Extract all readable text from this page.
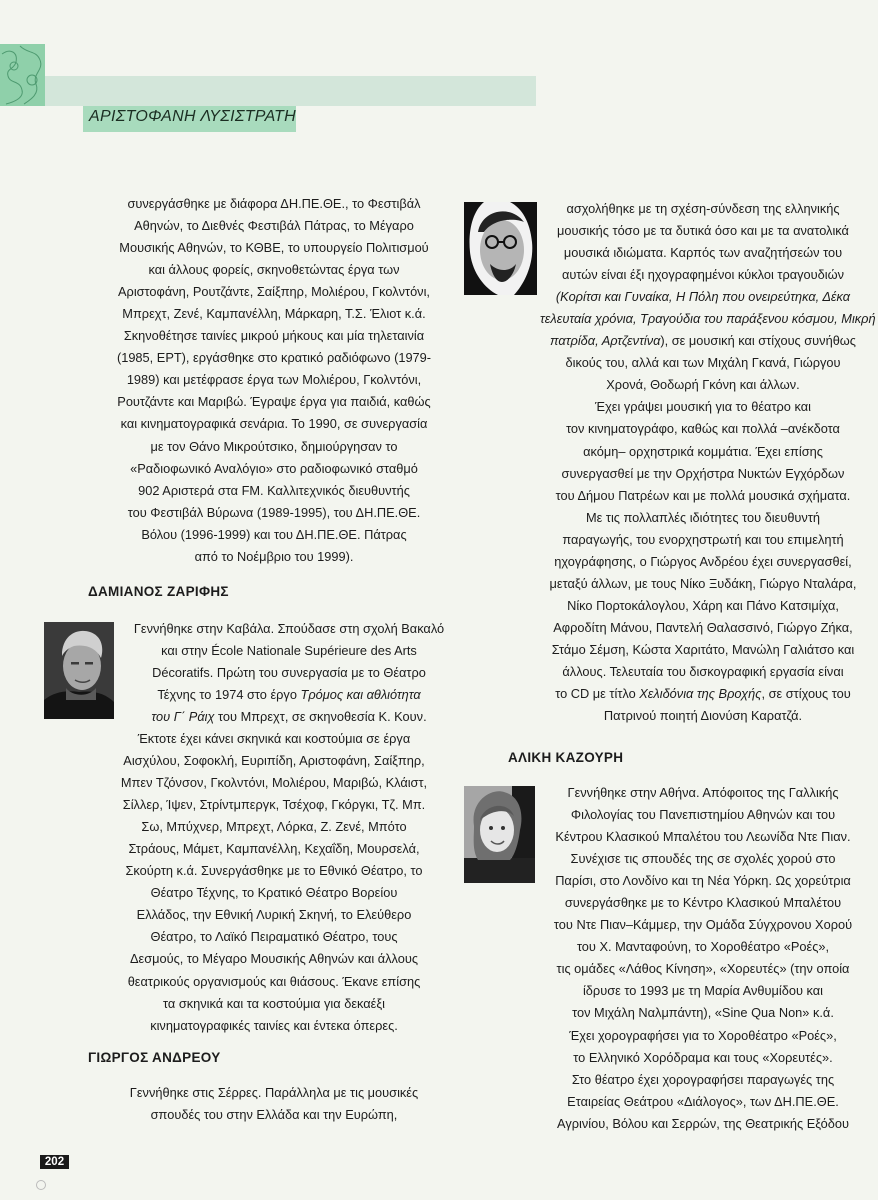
ΑΡΙΣΤΟΦΑΝΗ ΛΥΣΙΣΤΡΑΤΗ
συνεργάσθηκε με διάφορα ΔΗ.ΠΕ.ΘΕ., το Φεστιβάλ
Αθηνών, το Διεθνές Φεστιβάλ Πάτρας, το Μέγαρο
Μουσικής Αθηνών, το ΚΘΒΕ, το υπουργείο Πολιτισμού
και άλλους φορείς, σκηνοθετώντας έργα των
Αριστοφάνη, Ρουτζάντε, Σαίξπηρ, Μολιέρου, Γκολντόνι,
Μπρεχτ, Ζενέ, Καμπανέλλη, Μάρκαρη, Τ.Σ. Έλιοτ κ.ά.
Σκηνοθέτησε ταινίες μικρού μήκους και μία τηλεταινία
(1985, ΕΡΤ), εργάσθηκε στο κρατικό ραδιόφωνο (1979-
1989) και μετέφρασε έργα των Μολιέρου, Γκολντόνι,
Ρουτζάντε και Μαριβώ. Έγραψε έργα για παιδιά, καθώς
και κινηματογραφικά σενάρια. Το 1990, σε συνεργασία
με τον Θάνο Μικρούτσικο, δημιούργησαν το
«Ραδιοφωνικό Αναλόγιο» στο ραδιοφωνικό σταθμό
902 Αριστερά στα FM. Καλλιτεχνικός διευθυντής
του Φεστιβάλ Βύρωνα (1989-1995), του ΔΗ.ΠΕ.ΘΕ.
Βόλου (1996-1999) και του ΔΗ.ΠΕ.ΘΕ. Πάτρας
από το Νοέμβριο του 1999).
ΔΑΜΙΑΝΟΣ ΖΑΡΙΦΗΣ
Γεννήθηκε στην Καβάλα. Σπούδασε στη σχολή Βακαλό
και στην École Nationale Supérieure des Arts
Décoratifs. Πρώτη του συνεργασία με το Θέατρο
Τέχνης το 1974 στο έργο Τρόμος και αθλιότητα
του Γ΄ Ράιχ του Μπρεχτ, σε σκηνοθεσία Κ. Κουν.
Έκτοτε έχει κάνει σκηνικά και κοστούμια σε έργα
Αισχύλου, Σοφοκλή, Ευριπίδη, Αριστοφάνη, Σαίξπηρ,
Μπεν Τζόνσον, Γκολντόνι, Μολιέρου, Μαριβώ, Κλάιστ,
Σίλλερ, Ίψεν, Στρίντμπεργκ, Τσέχοφ, Γκόργκι, Τζ. Μπ.
Σω, Μπύχνερ, Μπρεχτ, Λόρκα, Ζ. Ζενέ, Μπότο
Στράους, Μάμετ, Καμπανέλλη, Κεχαΐδη, Μουρσελά,
Σκούρτη κ.ά. Συνεργάσθηκε με το Εθνικό Θέατρο, το
Θέατρο Τέχνης, το Κρατικό Θέατρο Βορείου
Ελλάδος, την Εθνική Λυρική Σκηνή, το Ελεύθερο
Θέατρο, το Λαϊκό Πειραματικό Θέατρο, τους
Δεσμούς, το Μέγαρο Μουσικής Αθηνών και άλλους
θεατρικούς οργανισμούς και θιάσους. Έκανε επίσης
τα σκηνικά και τα κοστούμια για δεκαέξι
κινηματογραφικές ταινίες και έντεκα όπερες.
ΓΙΩΡΓΟΣ ΑΝΔΡΕΟΥ
Γεννήθηκε στις Σέρρες. Παράλληλα με τις μουσικές
σπουδές του στην Ελλάδα και την Ευρώπη,
ασχολήθηκε με τη σχέση-σύνδεση της ελληνικής
μουσικής τόσο με τα δυτικά όσο και με τα ανατολικά
μουσικά ιδιώματα. Καρπός των αναζητήσεών του
αυτών είναι έξι ηχογραφημένοι κύκλοι τραγουδιών
(Κορίτσι και Γυναίκα, Η Πόλη που ονειρεύτηκα, Δέκα
τελευταία χρόνια, Τραγούδια του παράξενου κόσμου, Μικρή
πατρίδα, Αρτζεντίνα), σε μουσική και στίχους συνήθως
δικούς του, αλλά και των Μιχάλη Γκανά, Γιώργου
Χρονά, Θοδωρή Γκόνη και άλλων.
Έχει γράψει μουσική για το θέατρο και
τον κινηματογράφο, καθώς και πολλά –ανέκδοτα
ακόμη– ορχηστρικά κομμάτια. Έχει επίσης
συνεργασθεί με την Ορχήστρα Νυκτών Εγχόρδων
του Δήμου Πατρέων και με πολλά μουσικά σχήματα.
Με τις πολλαπλές ιδιότητες του διευθυντή
παραγωγής, του ενορχηστρωτή και του επιμελητή
ηχογράφησης, ο Γιώργος Ανδρέου έχει συνεργασθεί,
μεταξύ άλλων, με τους Νίκο Ξυδάκη, Γιώργο Νταλάρα,
Νίκο Πορτοκάλογλου, Χάρη και Πάνο Κατσιμίχα,
Αφροδίτη Μάνου, Παντελή Θαλασσινό, Γιώργο Ζήκα,
Στάμο Σέμση, Κώστα Χαριτάτο, Μανώλη Γαλιάτσο και
άλλους. Τελευταία του δισκογραφική εργασία είναι
το CD με τίτλο Χελιδόνια της Βροχής, σε στίχους του
Πατρινού ποιητή Διονύση Καρατζά.
ΑΛΙΚΗ ΚΑΖΟΥΡΗ
Γεννήθηκε στην Αθήνα. Απόφοιτος της Γαλλικής
Φιλολογίας του Πανεπιστημίου Αθηνών και του
Κέντρου Κλασικού Μπαλέτου του Λεωνίδα Ντε Πιαν.
Συνέχισε τις σπουδές της σε σχολές χορού στο
Παρίσι, στο Λονδίνο και τη Νέα Υόρκη. Ως χορεύτρια
συνεργάσθηκε με το Κέντρο Κλασικού Μπαλέτου
του Ντε Πιαν–Κάμμερ, την Ομάδα Σύγχρονου Χορού
του Χ. Μανταφούνη, το Χοροθέατρο «Ροές»,
τις ομάδες «Λάθος Κίνηση», «Χορευτές» (την οποία
ίδρυσε το 1993 με τη Μαρία Ανθυμίδου και
τον Μιχάλη Ναλμπάντη), «Sine Qua Non» κ.ά.
Έχει χορογραφήσει για το Χοροθέατρο «Ροές»,
το Ελληνικό Χορόδραμα και τους «Χορευτές».
Στο θέατρο έχει χορογραφήσει παραγωγές της
Εταιρείας Θεάτρου «Διάλογος», των ΔΗ.ΠΕ.ΘΕ.
Αγρινίου, Βόλου και Σερρών, της Θεατρικής Εξόδου
202
